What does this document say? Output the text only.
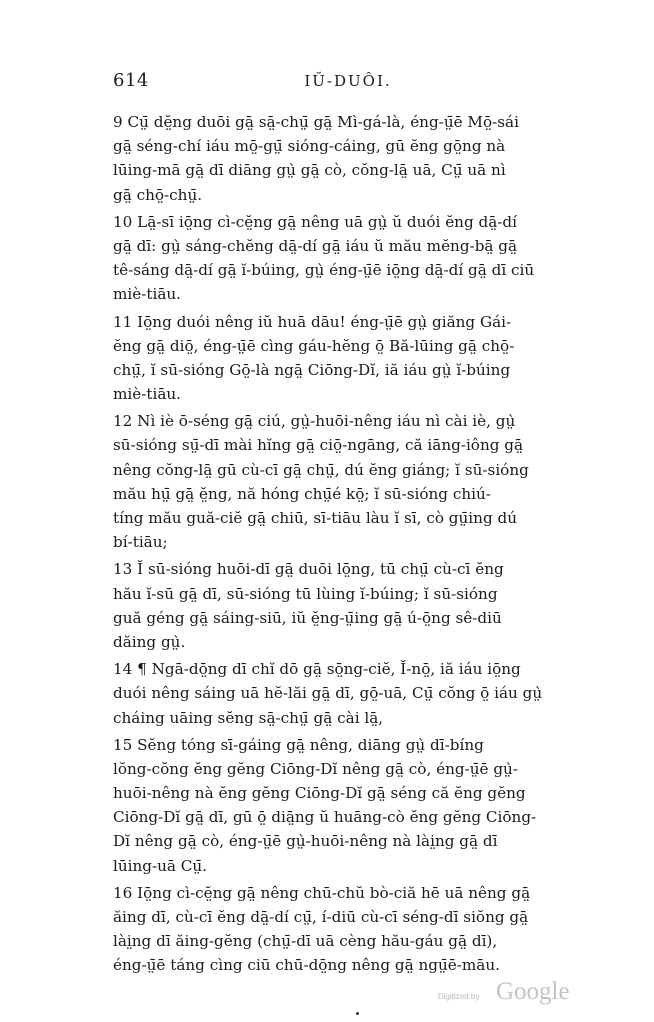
614	IŬ-DUÔI.
9 Cṳ̄ dĕ̤ng duōi gā̤ sā̤-chṳ̄ gā̤ Mì-gá-là, éng-ṳ̄ē Mō̤-sái
gā̤ séng-chí iáu mō̤-gṳ̄ sióng-cáing, gū ĕng gō̤ng nà
lūing-mā gā̤ dī diāng gṳ̀ gā̤ cò, cŏng-lā̤ uā, Cṳ̄ uā nì
gā̤ chō̤-chṳ̄.
10 Lā̤-sī iō̤ng cì-cĕ̤ng gā̤ nêng uā gṳ̀ ŭ duói ĕng dā̤-dí
gā̤ dī: gṳ̀ sáng-chĕng dā̤-dí gā̤ iáu ŭ mău mĕng-bā̤ gā̤
tê-sáng dā̤-dí gā̤ ĭ-búing, gṳ̀ éng-ṳ̄ē iō̤ng dā̤-dí gā̤ dī ciū
miè-tiāu.
11 Iō̤ng duói nêng iŭ huā dāu! éng-ṳ̄ē gṳ̀ giăng Gái-
ĕng gā̤ diō̤, éng-ṳ̄ē cìng gáu-hĕng ō̤ Bă-lūing gā̤ chō̤-
chṳ̄, ĭ sū-sióng Gō̤-là ngā̤ Ciōng-Dĭ, iă iáu gṳ̀ ĭ-búing
miè-tiāu.
12 Nì iè ō-séng gā̤ ciú, gṳ̀-huōi-nêng iáu nì cài iè, gṳ̀
sū-sióng sṳ̄-dī mài hĭng gā̤ ciō̤-ngāng, că iāng-iông gā̤
nêng cŏng-lā̤ gū cù-cī gā̤ chṳ̄, dú ĕng giáng; ĭ sū-sióng
mău hṳ̄ gā̤ ĕ̤ng, nă hóng chṳ̄é kō̤; ĭ sū-sióng chiú-
tíng mău guă-ciĕ gā̤ chiū, sī-tiāu làu ĭ sī, cò gṳ̄ing dú
bí-tiāu;
13 Ĭ sū-sióng huōi-dī gā̤ duōi lō̤ng, tū chṳ̄ cù-cī ĕng
hău ĭ-sū gā̤ dī, sū-sióng tū lùing ĭ-búing; ĭ sū-sióng
guă géng gā̤ sáing-siū, iŭ ĕ̤ng-ṳ̄ing gā̤ ú-ō̤ng sê-diū
dăing gṳ̀.
14 ¶ Ngā-dō̤ng dī chĭ dō gā̤ sō̤ng-ciĕ, Ĭ-nō̤, iă iáu iō̤ng
duói nêng sáing uā hĕ-lăi gā̤ dī, gō̤-uā, Cṳ̄ cŏng ō̤ iáu gṳ̀
cháing uāing sĕng sā̤-chṳ̄ gā̤ cài lā̤,
15 Sĕng tóng sī-gáing gā̤ nêng, diāng gṳ̀ dī-bíng
lŏng-cŏng ĕng gĕng Ciōng-Dĭ nêng gā̤ cò, éng-ṳ̄ē gṳ̀-
huōi-nêng nà ĕng gĕng Ciōng-Dĭ gā̤ séng că ĕng gĕng
Ciōng-Dĭ gā̤ dī, gū ō̤ diā̤ng ŭ huāng-cò ĕng gĕng Ciōng-
Dĭ nêng gā̤ cò, éng-ṳ̄ē gṳ̀-huōi-nêng nà lài̤ng gā̤ dī
lūing-uā Cṳ̄.
16 Iō̤ng cì-cĕ̤ng gā̤ nêng chū-chŭ bò-ciă hē uā nêng gā̤
ăing dī, cù-cī ĕng dā̤-dí cṳ̄, í-diū cù-cī séng-dī siŏng gā̤
lài̤ng dī ăing-gĕng (chṳ̄-dī uā cèng hău-gáu gā̤ dī),
éng-ṳ̄ē táng cìng ciū chū-dō̤ng nêng gā̤ ngṳ̄ē-māu.
Digitized by Google
